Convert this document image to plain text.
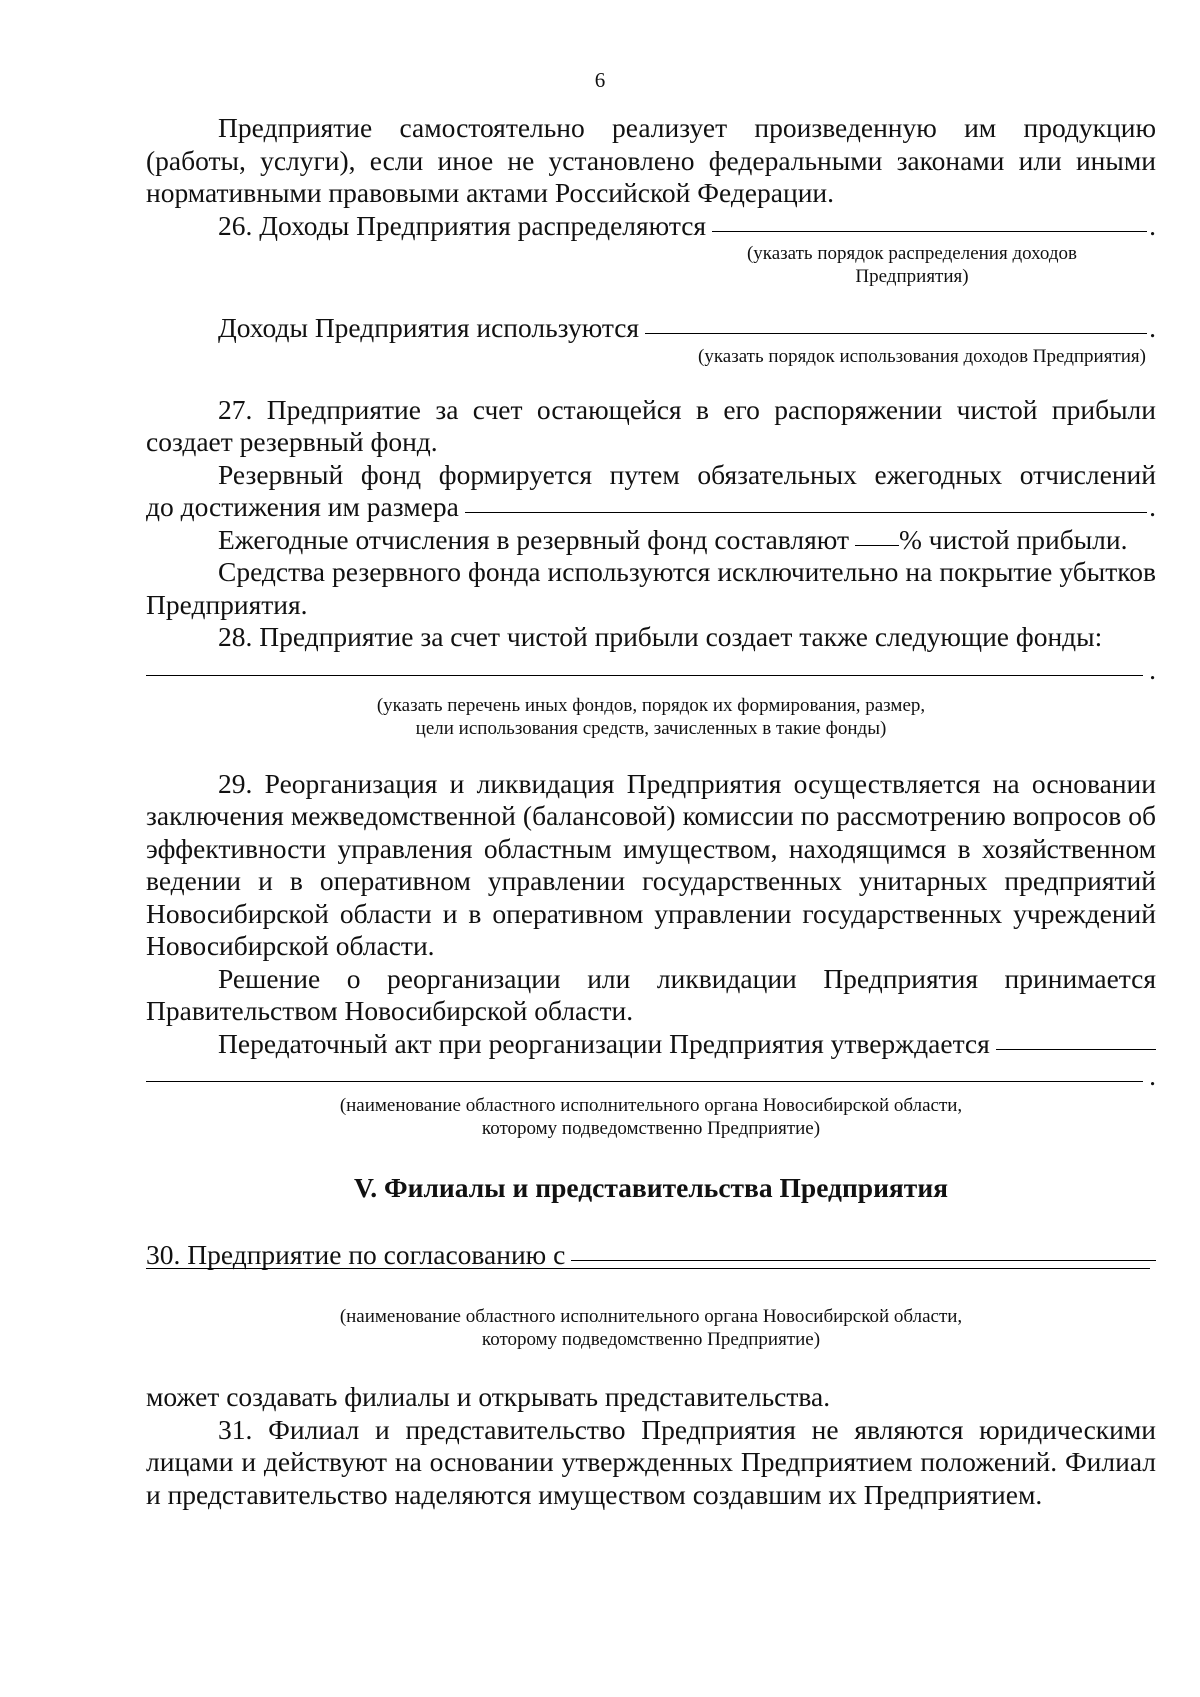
6

Предприятие самостоятельно реализует произведенную им продукцию (работы, услуги), если иное не установлено федеральными законами или иными нормативными правовыми актами Российской Федерации.

26. Доходы Предприятия распределяются	.
(указать порядок распределения доходов
Предприятия)
Доходы Предприятия используются	.
(указать порядок использования доходов Предприятия)

27. Предприятие за счет остающейся в его распоряжении чистой прибыли создает резервный фонд.

Резервный фонд формируется путем обязательных ежегодных отчислений

до достижения им размера	.
Ежегодные отчисления в резервный фонд составляют % чистой прибыли.

Средства резервного фонда используются исключительно на покрытие убытков Предприятия.

28. Предприятие за счет чистой прибыли создает также следующие фонды:

.
(указать перечень иных фондов, порядок их формирования, размер,
цели использования средств, зачисленных в такие фонды)

29. Реорганизация и ликвидация Предприятия осуществляется на основании заключения межведомственной (балансовой) комиссии по рассмотрению вопросов об эффективности управления областным имуществом, находящимся в хозяйственном ведении и в оперативном управлении государственных унитарных предприятий Новосибирской области и в оперативном управлении государственных учреждений Новосибирской области.

Решение о реорганизации или ликвидации Предприятия принимается Правительством Новосибирской области.

Передаточный акт при реорганизации Предприятия утверждается
.
(наименование областного исполнительного органа Новосибирской области,
которому подведомственно Предприятие)
V. Филиалы и представительства Предприятия
30. Предприятие по согласованию с
(наименование областного исполнительного органа Новосибирской области,
которому подведомственно Предприятие)

может создавать филиалы и открывать представительства.

31. Филиал и представительство Предприятия не являются юридическими лицами и действуют на основании утвержденных Предприятием положений. Филиал и представительство наделяются имуществом создавшим их Предприятием.
